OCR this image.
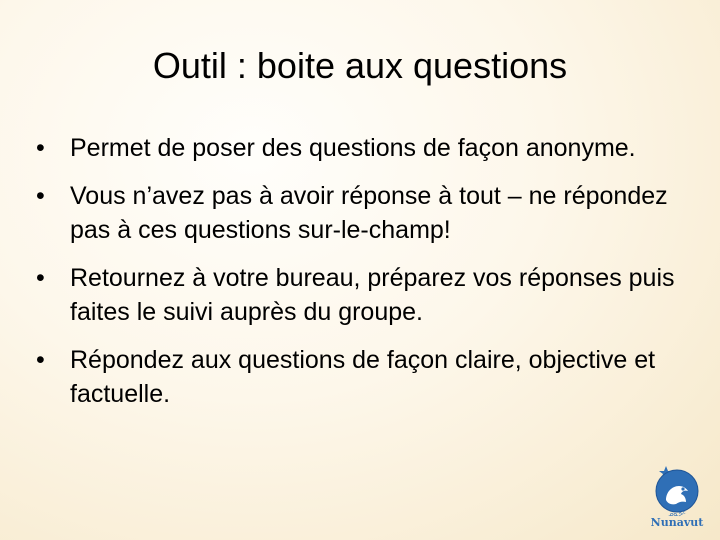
Outil : boite aux questions
•	Permet de poser des questions de façon anonyme.
•	Vous n’avez pas à avoir réponse à tout – ne répondez pas à ces questions sur-le-champ!
•	Retournez à votre bureau, préparez vos réponses puis faites le suivi auprès du groupe.
•	Répondez aux questions de façon claire, objective et factuelle.
ᓄᓇᕗᑦ
Nunavut
